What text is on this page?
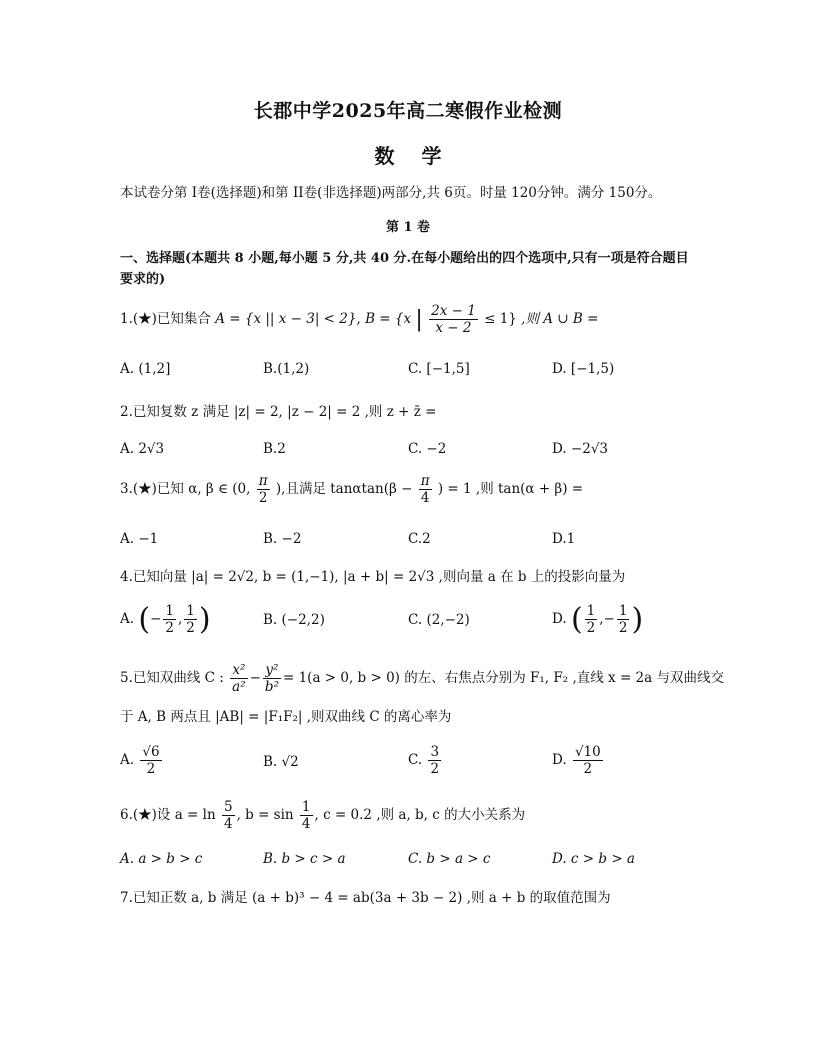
长郡中学2025年高二寒假作业检测
数 学
本试卷分第 I卷(选择题)和第 II卷(非选择题)两部分,共 6页。时量 120分钟。满分 150分。
第 1 卷
一、选择题(本题共 8 小题,每小题 5 分,共 40 分.在每小题给出的四个选项中,只有一项是符合题目要求的)
1.(★)已知集合 A = {x || x − 3| < 2}, B = {x | $\frac{2x - 1}{x - 2} \le 1$} ,则 A ∪ B =
A. (1,2]	B.(1,2)	C. [−1,5]	D. [−1,5)
2.已知复数 z 满足 |z| = 2, |z − 2| = 2 ,则 z + z̄ =
A. 2√3	B.2	C. −2	D. −2√3
3.(★)已知 α, β ∈ (0, $\frac{\pi}{2}$ ),且满足 $\tan\alpha\tan(\beta - \frac{\pi}{4}$ ) = 1 ,则 tan(α + β) =
A. −1	B. −2	C.2	D.1
4.已知向量 |a| = 2√2, b = (1,−1), |a + b| = 2√3 ,则向量 a 在 b 上的投影向量为
A. (− $\frac{1}{2}$ , $\frac{1}{2}$ )	B. (−2,2)	C. (2,−2)	D. ( $\frac{1}{2}$ ,− $\frac{1}{2}$ )
5.已知双曲线 C : $\frac{\text{x²}}{\text{a²}} - \frac{\text{y²}}{\text{b²}} = 1(a > 0$, b > 0) 的左、右焦点分别为 F₁, F₂ ,直线 x = 2a 与双曲线交
于 A, B 两点且 |AB| = |F₁F₂| ,则双曲线 C 的离心率为
A. $\frac{√6}{2}$	B. √2	C. $\frac{3}{2}$	D. $\frac{√10}{2}$
6.(★)设 $a = \ln \frac{5}{4}$ , $b = \sin \frac{1}{4}$ , c = 0.2 ,则 a, b, c 的大小关系为
A. a > b > c	B. b > c > a	C. b > a > c	D. c > b > a
7.已知正数 a, b 满足 (a + b)³ − 4 = ab(3a + 3b − 2) ,则 a + b 的取值范围为
